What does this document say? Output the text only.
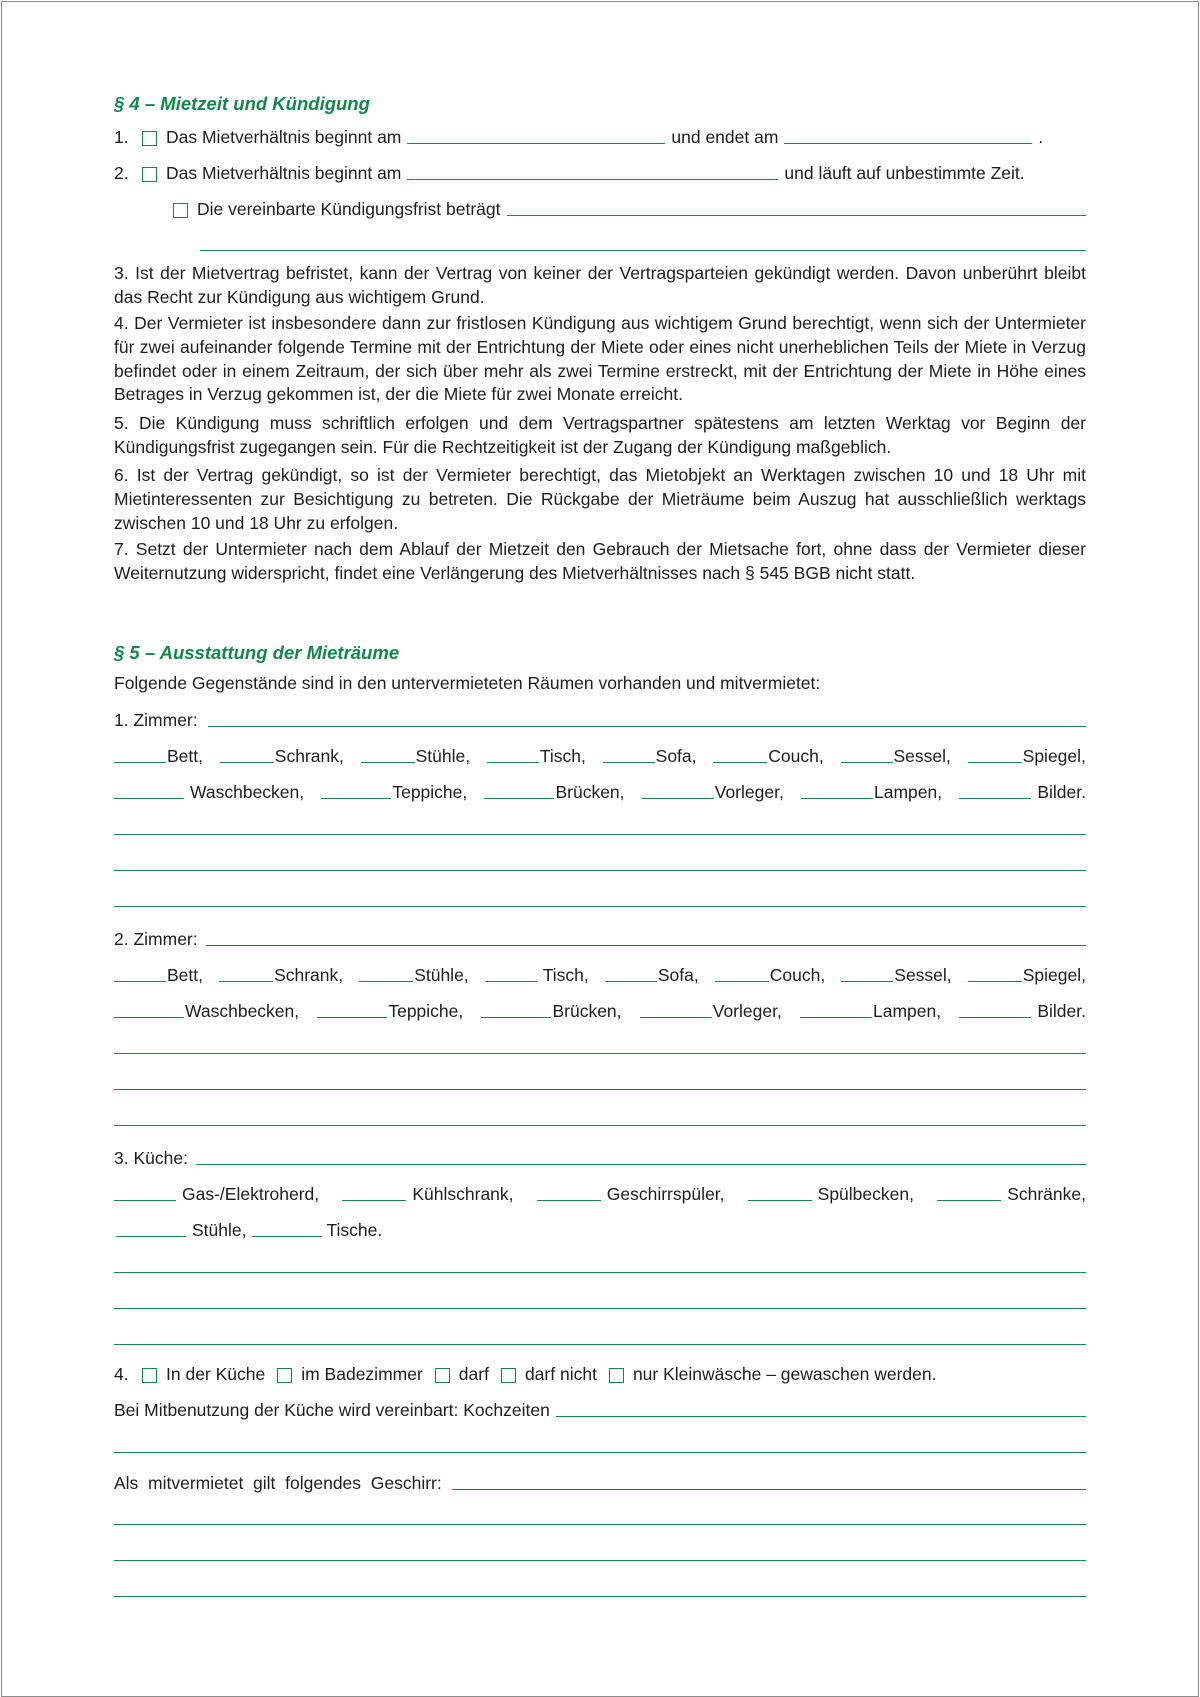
§ 4 – Mietzeit und Kündigung
1.	Das Mietverhältnis beginnt am	und endet am	.
2.	Das Mietverhältnis beginnt am	und läuft auf unbestimmte Zeit.
Die vereinbarte Kündigungsfrist beträgt
3. Ist der Mietvertrag befristet, kann der Vertrag von keiner der Vertragsparteien gekündigt werden. Davon unberührt bleibt das Recht zur Kündigung aus wichtigem Grund.
4. Der Vermieter ist insbesondere dann zur fristlosen Kündigung aus wichtigem Grund berechtigt, wenn sich der Untermieter für zwei aufeinander folgende Termine mit der Entrichtung der Miete oder eines nicht unerheblichen Teils der Miete in Verzug befindet oder in einem Zeitraum, der sich über mehr als zwei Termine erstreckt, mit der Entrichtung der Miete in Höhe eines Betrages in Verzug gekommen ist, der die Miete für zwei Monate erreicht.
5. Die Kündigung muss schriftlich erfolgen und dem Vertragspartner spätestens am letzten Werktag vor Beginn der Kündigungsfrist zugegangen sein. Für die Rechtzeitigkeit ist der Zugang der Kündigung maßgeblich.
6. Ist der Vertrag gekündigt, so ist der Vermieter berechtigt, das Mietobjekt an Werktagen zwischen 10 und 18 Uhr mit Mietinteressenten zur Besichtigung zu betreten. Die Rückgabe der Mieträume beim Auszug hat ausschließlich werktags zwischen 10 und 18 Uhr zu erfolgen.
7. Setzt der Untermieter nach dem Ablauf der Mietzeit den Gebrauch der Mietsache fort, ohne dass der Vermieter dieser Weiternutzung widerspricht, findet eine Verlängerung des Mietverhältnisses nach § 545 BGB nicht statt.
§ 5 – Ausstattung der Mieträume
Folgende Gegenstände sind in den untervermieteten Räumen vorhanden und mitvermietet:
1. Zimmer:
Bett,	Schrank,	Stühle,	Tisch,	Sofa,	Couch,	Sessel,	Spiegel,
Waschbecken,	Teppiche,	Brücken,	Vorleger,	Lampen,	Bilder.
2. Zimmer:
Bett,	Schrank,	Stühle,	Tisch,	Sofa,	Couch,	Sessel,	Spiegel,
Waschbecken,	Teppiche,	Brücken,	Vorleger,	Lampen,	Bilder.
3. Küche:
Gas-/Elektroherd,	Kühlschrank,	Geschirrspüler,	Spülbecken,	Schränke,
Stühle,	Tische.
4.	In der Küche im Badezimmer darf darf nicht nur Kleinwäsche – gewaschen werden.
Bei Mitbenutzung der Küche wird vereinbart: Kochzeiten
Als  mitvermietet  gilt  folgendes  Geschirr:
